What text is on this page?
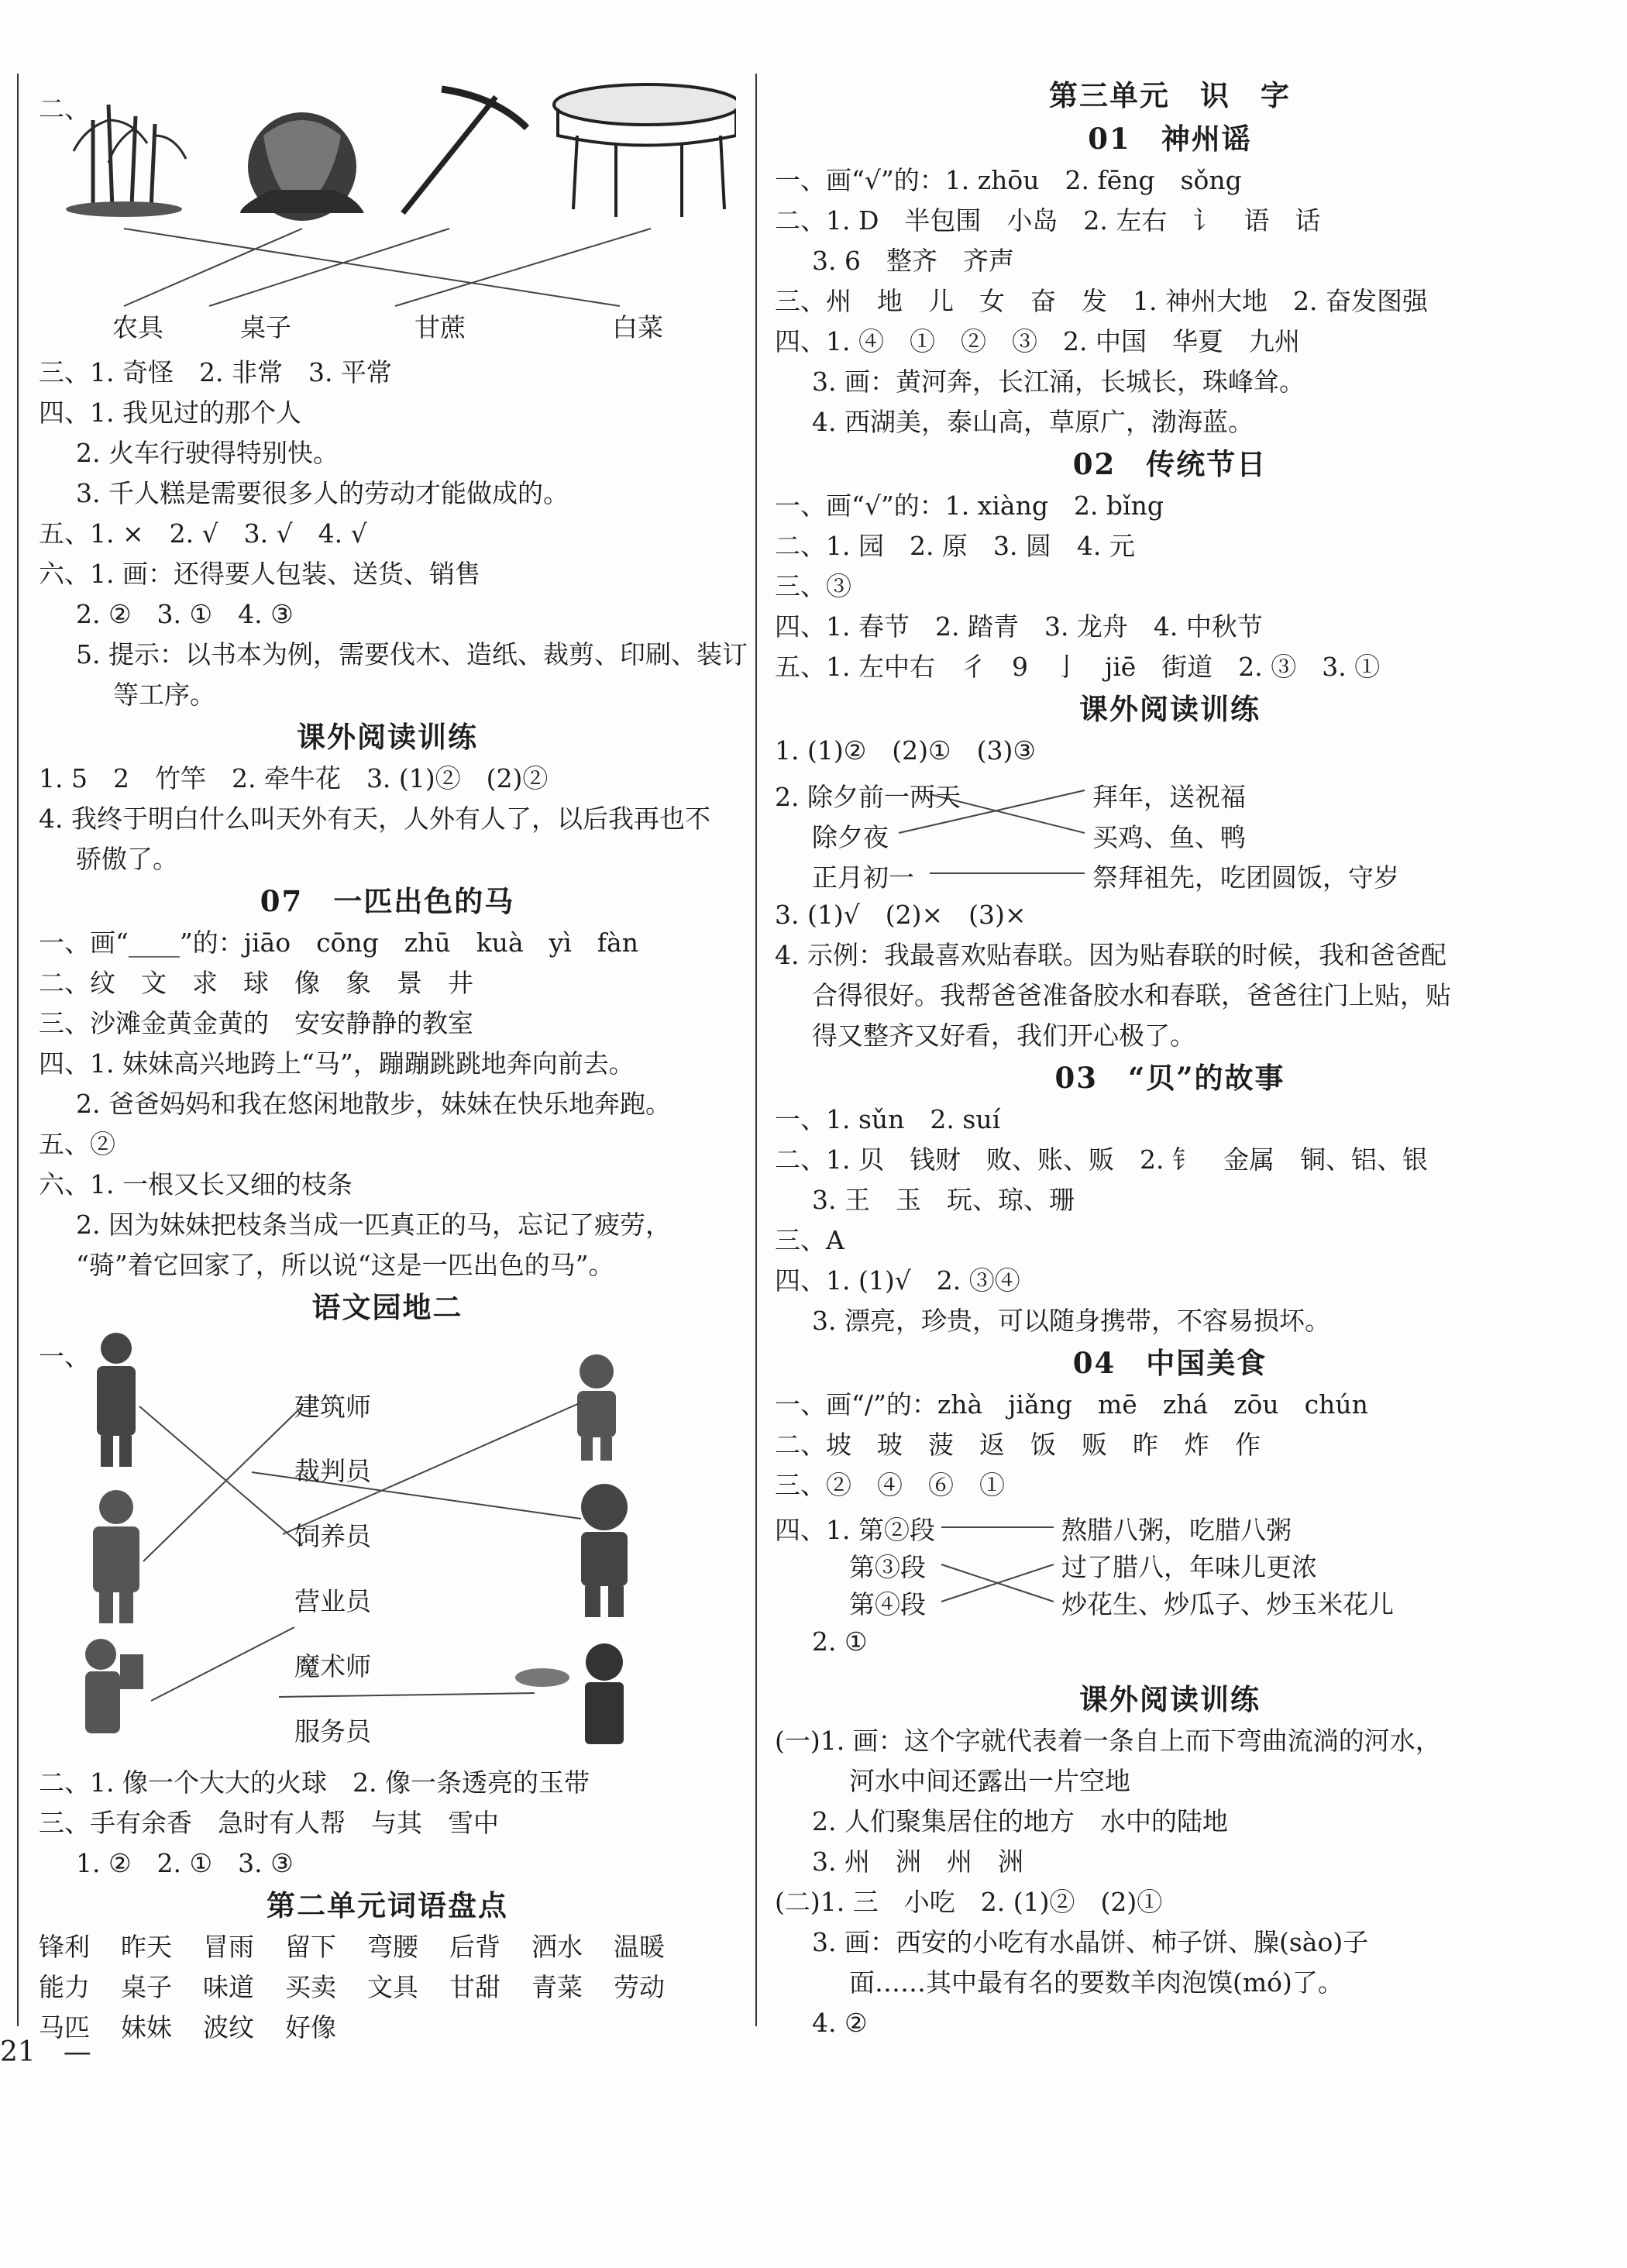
二、
农具	桌子	甘蔗	白菜
三、1. 奇怪　2. 非常　3. 平常
四、1. 我见过的那个人
2. 火车行驶得特别快。
3. 千人糕是需要很多人的劳动才能做成的。
五、1. ×　2. √　3. √　4. √
六、1. 画：还得要人包装、送货、销售
2. ②　3. ①　4. ③
5. 提示：以书本为例，需要伐木、造纸、裁剪、印刷、装订
等工序。
课外阅读训练
1. 5　2　竹竿　2. 牵牛花　3. (1)②　(2)②
4. 我终于明白什么叫天外有天，人外有人了，以后我再也不
骄傲了。
07　一匹出色的马
一、画“____”的：jiāo　cōng　zhū　kuà　yì　fàn
二、纹　文　求　球　像　象　景　井
三、沙滩金黄金黄的　安安静静的教室
四、1. 妹妹高兴地跨上“马”，蹦蹦跳跳地奔向前去。
2. 爸爸妈妈和我在悠闲地散步，妹妹在快乐地奔跑。
五、②
六、1. 一根又长又细的枝条
2. 因为妹妹把枝条当成一匹真正的马，忘记了疲劳，
“骑”着它回家了，所以说“这是一匹出色的马”。
语文园地二
一、
建筑师
裁判员
饲养员
营业员
魔术师
服务员
二、1. 像一个大大的火球　2. 像一条透亮的玉带
三、手有余香　急时有人帮　与其　雪中
1. ②　2. ①　3. ③
第二单元词语盘点
锋利 昨天 冒雨 留下 弯腰 后背 洒水 温暖
能力 桌子 味道 买卖 文具 甘甜 青菜 劳动
马匹 妹妹 波纹 好像
第三单元　识　字
01　神州谣
一、画“√”的：1. zhōu　2. fēng　sǒng
二、1. D　半包围　小岛　2. 左右　讠　语　话
3. 6　整齐　齐声
三、州　地　儿　女　奋　发　1. 神州大地　2. 奋发图强
四、1. ④　①　②　③　2. 中国　华夏　九州
3. 画：黄河奔，长江涌，长城长，珠峰耸。
4. 西湖美，泰山高，草原广，渤海蓝。
02　传统节日
一、画“√”的：1. xiàng　2. bǐng
二、1. 园　2. 原　3. 圆　4. 元
三、③
四、1. 春节　2. 踏青　3. 龙舟　4. 中秋节
五、1. 左中右　彳　9　亅　jiē　街道　2. ③　3. ①
课外阅读训练
1. (1)②　(2)①　(3)③
2. 除夕前一两天
除夕夜
正月初一
拜年，送祝福
买鸡、鱼、鸭
祭拜祖先，吃团圆饭，守岁
3. (1)√　(2)×　(3)×
4. 示例：我最喜欢贴春联。因为贴春联的时候，我和爸爸配
合得很好。我帮爸爸准备胶水和春联，爸爸往门上贴，贴
得又整齐又好看，我们开心极了。
03　“贝”的故事
一、1. sǔn　2. suí
二、1. 贝　钱财　败、账、贩　2. 钅　金属　铜、铝、银
3. 王　玉　玩、琼、珊
三、A
四、1. (1)√　2. ③④
3. 漂亮，珍贵，可以随身携带，不容易损坏。
04　中国美食
一、画“/”的：zhà　jiǎng　mē　zhá　zōu　chún
二、坡　玻　菠　返　饭　贩　昨　炸　作
三、②　④　⑥　①
四、1. 第②段
第③段
第④段
熬腊八粥，吃腊八粥
过了腊八，年味儿更浓
炒花生、炒瓜子、炒玉米花儿
2. ①
课外阅读训练
(一)1. 画：这个字就代表着一条自上而下弯曲流淌的河水，
河水中间还露出一片空地
2. 人们聚集居住的地方　水中的陆地
3. 州　洲　州　洲
(二)1. 三　小吃　2. (1)②　(2)①
3. 画：西安的小吃有水晶饼、柿子饼、臊(sào)子
面……其中最有名的要数羊肉泡馍(mó)了。
4. ②
21　—
